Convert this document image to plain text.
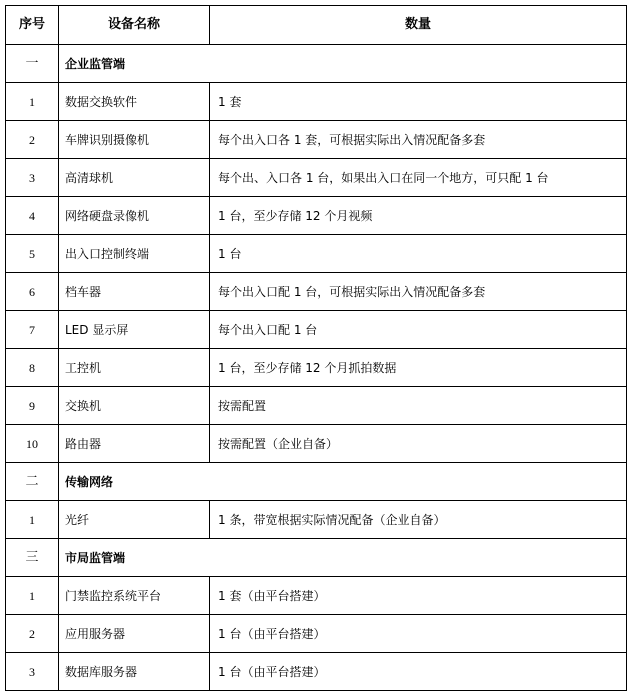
序号	设备名称	数量
一	企业监管端	
1	数据交换软件	1 套
2	车牌识别摄像机	每个出入口各 1 套，可根据实际出入情况配备多套
3	高清球机	每个出、入口各 1 台，如果出入口在同一个地方，可只配 1 台
4	网络硬盘录像机	1 台，至少存储 12 个月视频
5	出入口控制终端	1 台
6	档车器	每个出入口配 1 台，可根据实际出入情况配备多套
7	LED 显示屏	每个出入口配 1 台
8	工控机	1 台，至少存储 12 个月抓拍数据
9	交换机	按需配置
10	路由器	按需配置（企业自备）
二	传输网络	
1	光纤	1 条，带宽根据实际情况配备（企业自备）
三	市局监管端	
1	门禁监控系统平台	1 套（由平台搭建）
2	应用服务器	1 台（由平台搭建）
3	数据库服务器	1 台（由平台搭建）
